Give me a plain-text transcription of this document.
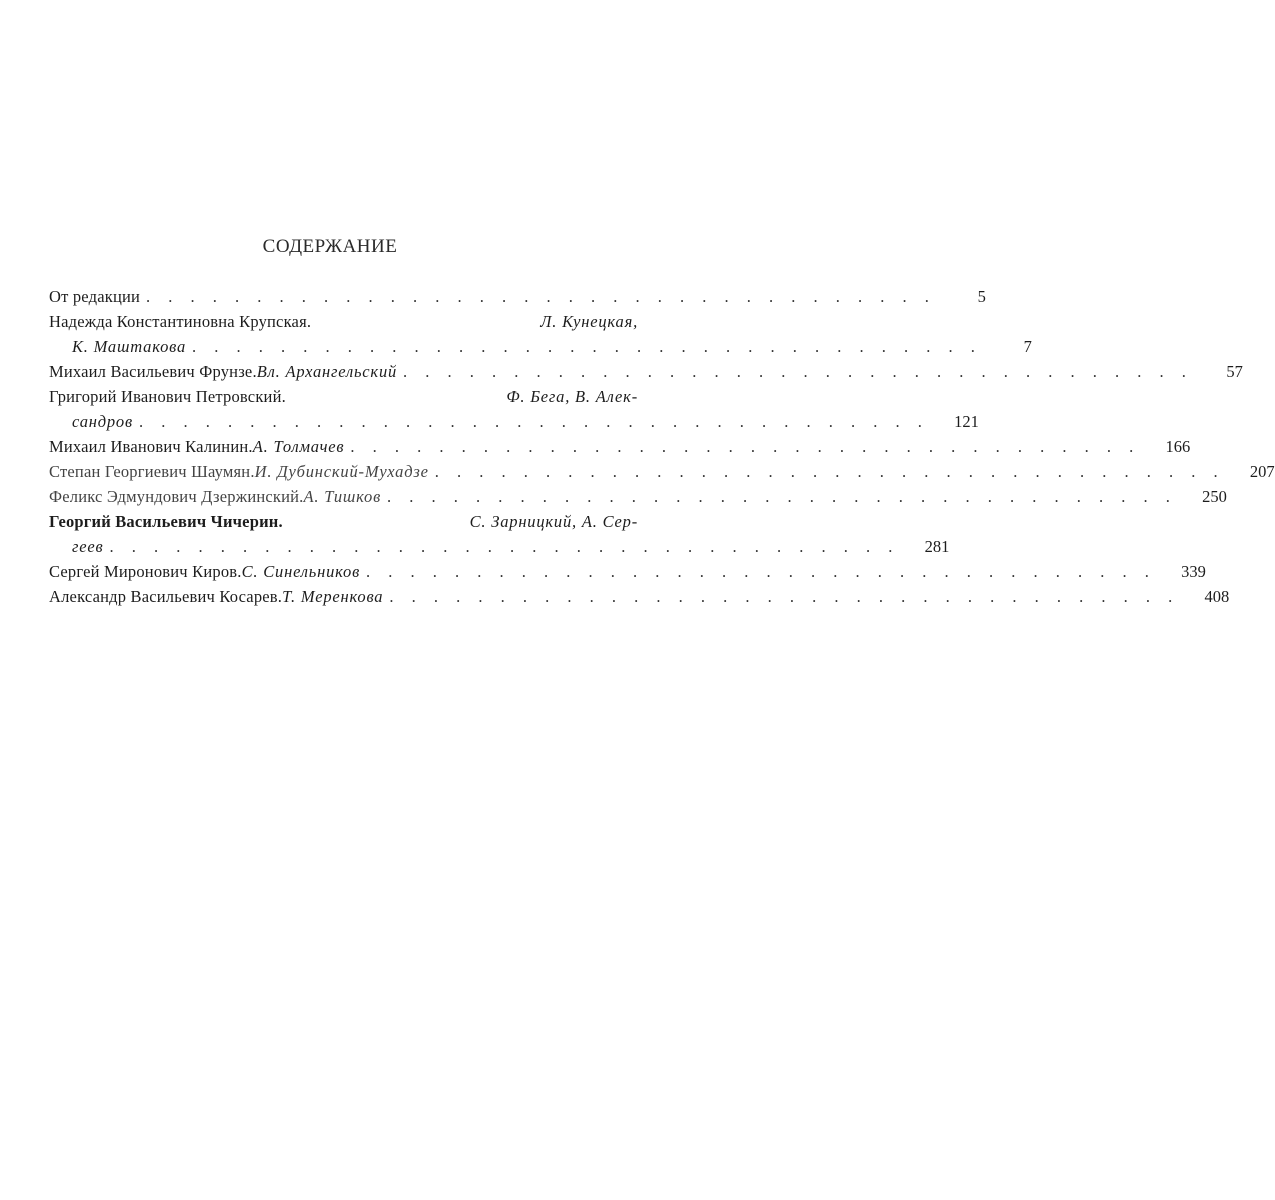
СОДЕРЖАНИЕ
От редакции . . . . . . . . . . . . . . . . . . . . . . . . . . . . . . . . . . . .	5
Надежда Константиновна Крупская.	Л. Кунецкая,
К. Маштакова . . . . . . . . . . . . . . . . . . . . . . . . . . . . . . . . . . . .	7
Михаил Васильевич Фрунзе. Вл. Архангельский . . . . . . . . . . . . . . . . . . . . . . . . . . . . . . . . . . . .	57
Григорий Иванович Петровский.	Ф. Бега, В. Алек-
сандров . . . . . . . . . . . . . . . . . . . . . . . . . . . . . . . . . . . .	121
Михаил Иванович Калинин. А. Толмачев . . . . . . . . . . . . . . . . . . . . . . . . . . . . . . . . . . . .	166
Степан Георгиевич Шаумян. И. Дубинский-Мухадзе . . . . . . . . . . . . . . . . . . . . . . . . . . . . . . . . . . . .	207
Феликс Эдмундович Дзержинский. А. Тишков . . . . . . . . . . . . . . . . . . . . . . . . . . . . . . . . . . . .	250
Георгий Васильевич Чичерин.	С. Зарницкий, А. Сер-
геев . . . . . . . . . . . . . . . . . . . . . . . . . . . . . . . . . . . .	281
Сергей Миронович Киров. С. Синельников . . . . . . . . . . . . . . . . . . . . . . . . . . . . . . . . . . . .	339
Александр Васильевич Косарев. Т. Меренкова . . . . . . . . . . . . . . . . . . . . . . . . . . . . . . . . . . . .	408
